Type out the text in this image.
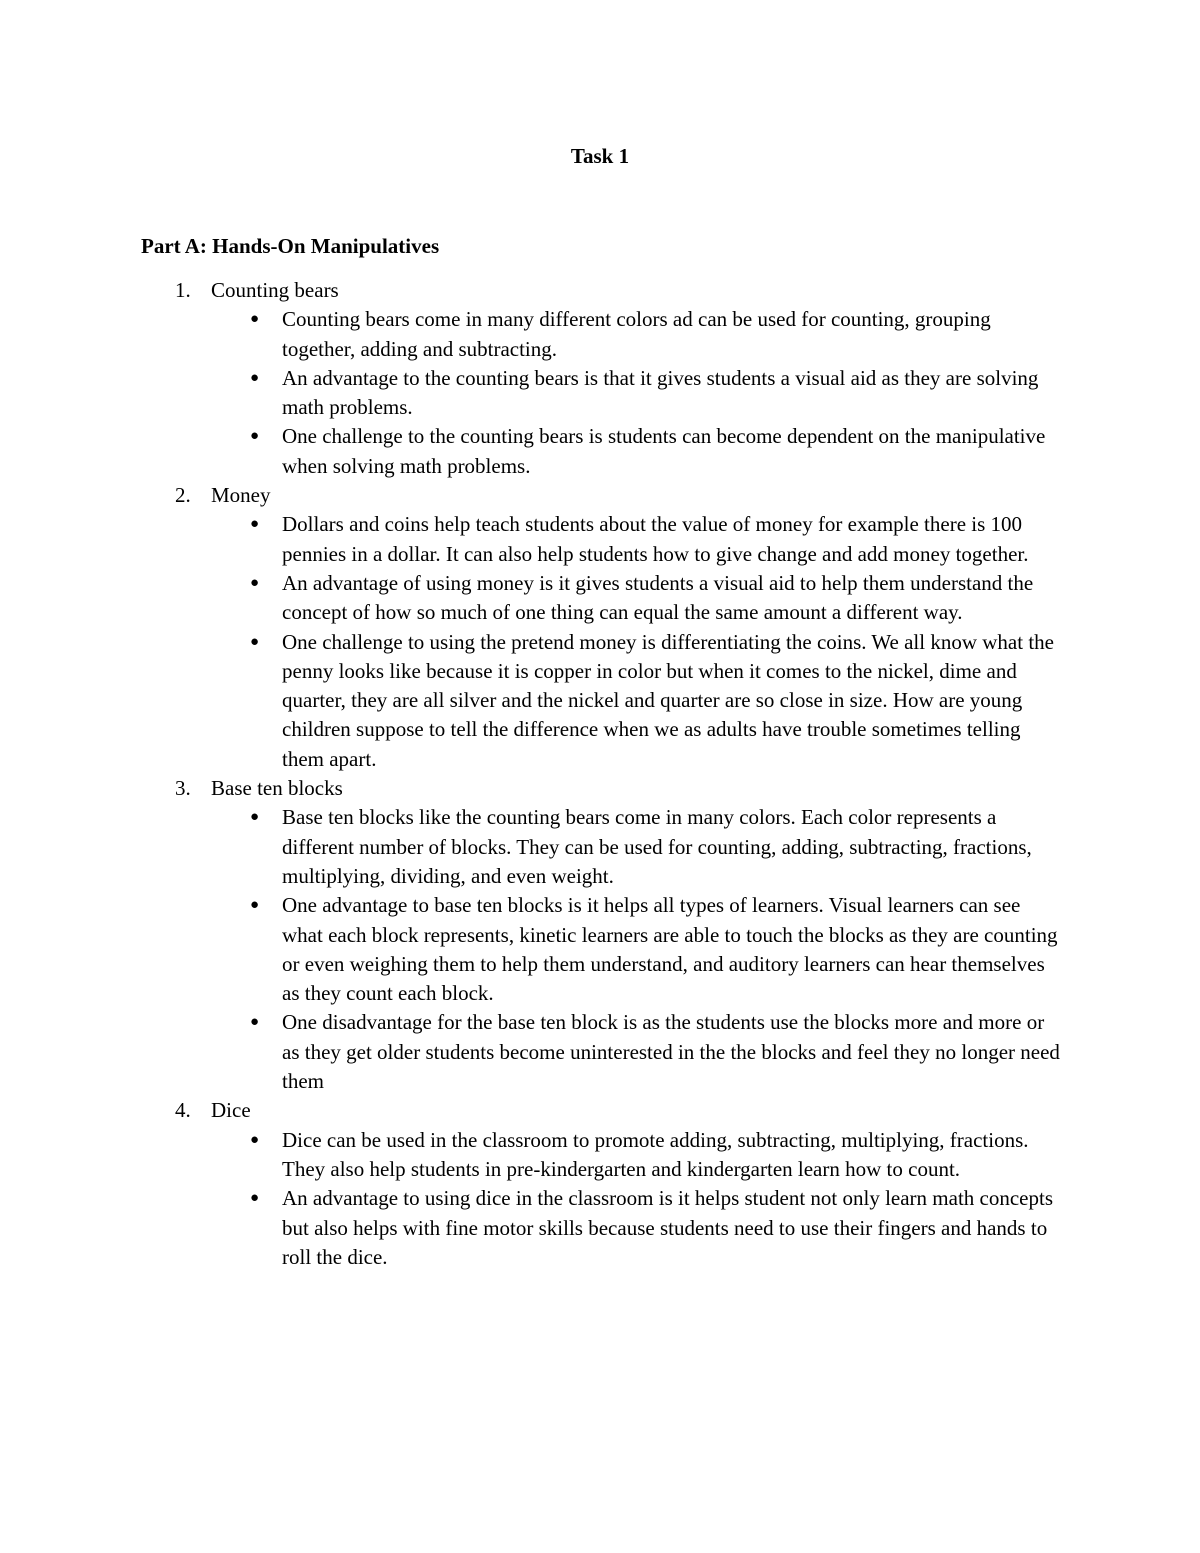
Task 1
Part A: Hands-On Manipulatives
1. Counting bears
● Counting bears come in many different colors ad can be used for counting, grouping together, adding and subtracting.
● An advantage to the counting bears is that it gives students a visual aid as they are solving math problems.
● One challenge to the counting bears is students can become dependent on the manipulative when solving math problems.
2. Money
● Dollars and coins help teach students about the value of money for example there is 100 pennies in a dollar. It can also help students how to give change and add money together.
● An advantage of using money is it gives students a visual aid to help them understand the concept of how so much of one thing can equal the same amount a different way.
● One challenge to using the pretend money is differentiating the coins. We all know what the penny looks like because it is copper in color but when it comes to the nickel, dime and quarter, they are all silver and the nickel and quarter are so close in size. How are young children suppose to tell the difference when we as adults have trouble sometimes telling them apart.
3. Base ten blocks
● Base ten blocks like the counting bears come in many colors. Each color represents a different number of blocks. They can be used for counting, adding, subtracting, fractions, multiplying, dividing, and even weight.
● One advantage to base ten blocks is it helps all types of learners. Visual learners can see what each block represents, kinetic learners are able to touch the blocks as they are counting or even weighing them to help them understand, and auditory learners can hear themselves as they count each block.
● One disadvantage for the base ten block is as the students use the blocks more and more or as they get older students become uninterested in the the blocks and feel they no longer need them
4. Dice
● Dice can be used in the classroom to promote adding, subtracting, multiplying, fractions. They also help students in pre-kindergarten and kindergarten learn how to count.
● An advantage to using dice in the classroom is it helps student not only learn math concepts but also helps with fine motor skills because students need to use their fingers and hands to roll the dice.
